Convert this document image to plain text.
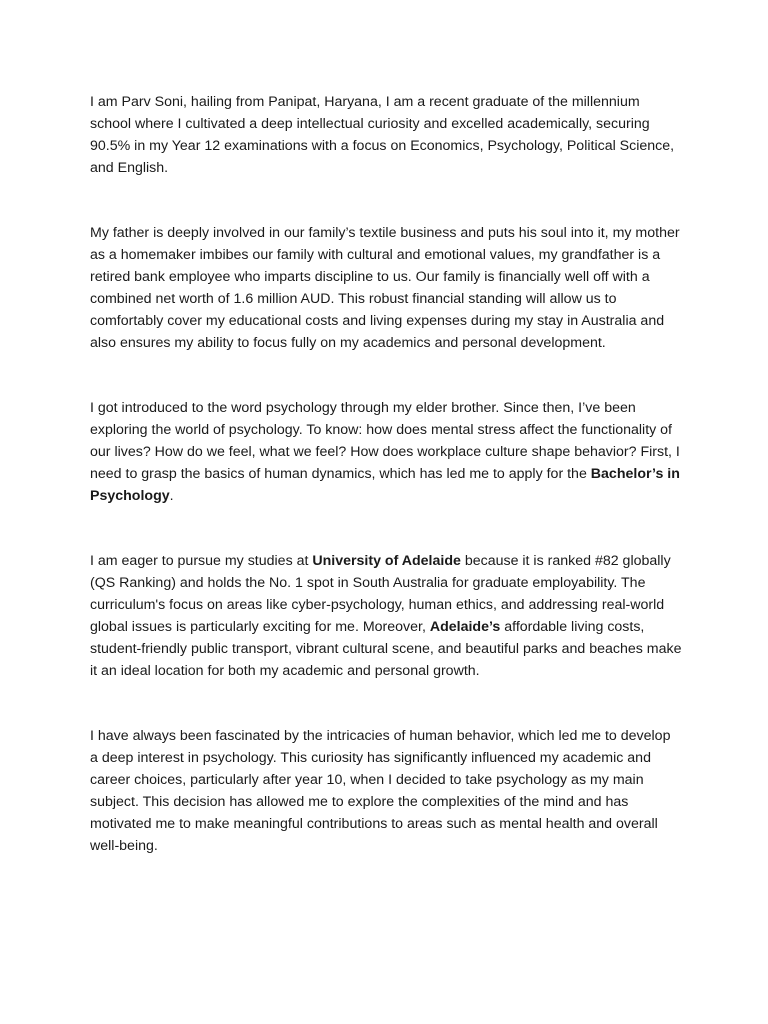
I am Parv Soni, hailing from Panipat, Haryana, I am a recent graduate of the millennium school where I cultivated a deep intellectual curiosity and excelled academically, securing 90.5% in my Year 12 examinations with a focus on Economics, Psychology, Political Science, and English.

My father is deeply involved in our family’s textile business and puts his soul into it, my mother as a homemaker imbibes our family with cultural and emotional values, my grandfather is a retired bank employee who imparts discipline to us. Our family is financially well off with a combined net worth of 1.6 million AUD. This robust financial standing will allow us to comfortably cover my educational costs and living expenses during my stay in Australia and also ensures my ability to focus fully on my academics and personal development.

I got introduced to the word psychology through my elder brother. Since then, I’ve been exploring the world of psychology. To know: how does mental stress affect the functionality of our lives? How do we feel, what we feel? How does workplace culture shape behavior? First, I need to grasp the basics of human dynamics, which has led me to apply for the Bachelor’s in Psychology.

I am eager to pursue my studies at University of Adelaide because it is ranked #82 globally (QS Ranking) and holds the No. 1 spot in South Australia for graduate employability. The curriculum's focus on areas like cyber-psychology, human ethics, and addressing real-world global issues is particularly exciting for me. Moreover, Adelaide’s affordable living costs, student-friendly public transport, vibrant cultural scene, and beautiful parks and beaches make it an ideal location for both my academic and personal growth.

I have always been fascinated by the intricacies of human behavior, which led me to develop a deep interest in psychology. This curiosity has significantly influenced my academic and career choices, particularly after year 10, when I decided to take psychology as my main subject. This decision has allowed me to explore the complexities of the mind and has motivated me to make meaningful contributions to areas such as mental health and overall well-being.
